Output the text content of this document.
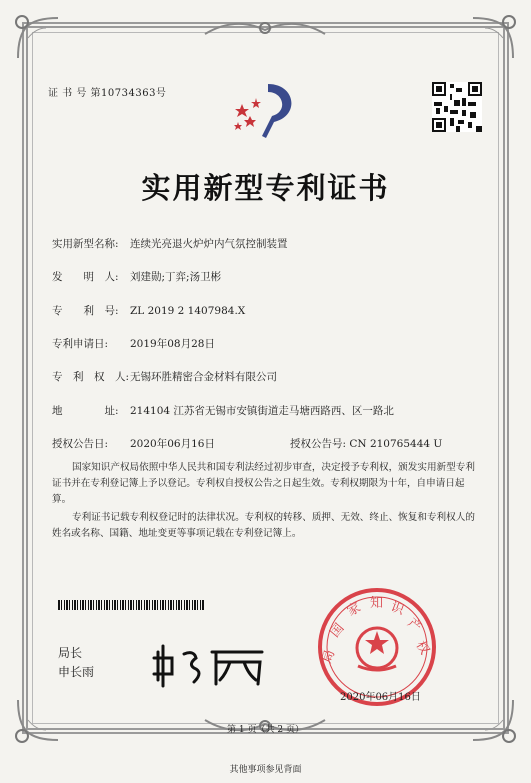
证 书 号 第10734363号
实用新型专利证书
实用新型名称: 连续光亮退火炉炉内气氛控制装置
发　　明　人: 刘建勋;丁弈;汤卫彬
专　　利　号: ZL 2019 2 1407984.X
专利申请日: 2019年08月28日
专　利　权　人:无锡环胜精密合金材料有限公司
地　　　　址: 214104 江苏省无锡市安镇街道走马塘西路西、区一路北
授权公告日: 2020年06月16日	授权公告号: CN 210765444 U
国家知识产权局依照中华人民共和国专利法经过初步审查，决定授予专利权，颁发实用新型专利证书并在专利登记簿上予以登记。专利权自授权公告之日起生效。专利权期限为十年，自申请日起算。
专利证书记载专利权登记时的法律状况。专利权的转移、质押、无效、终止、恢复和专利权人的姓名或名称、国籍、地址变更等事项记载在专利登记簿上。
局长
申长雨
国
家 知 识
产
权
局
2020年06月16日
第 1 页（共 2 页）
其他事项参见背面
